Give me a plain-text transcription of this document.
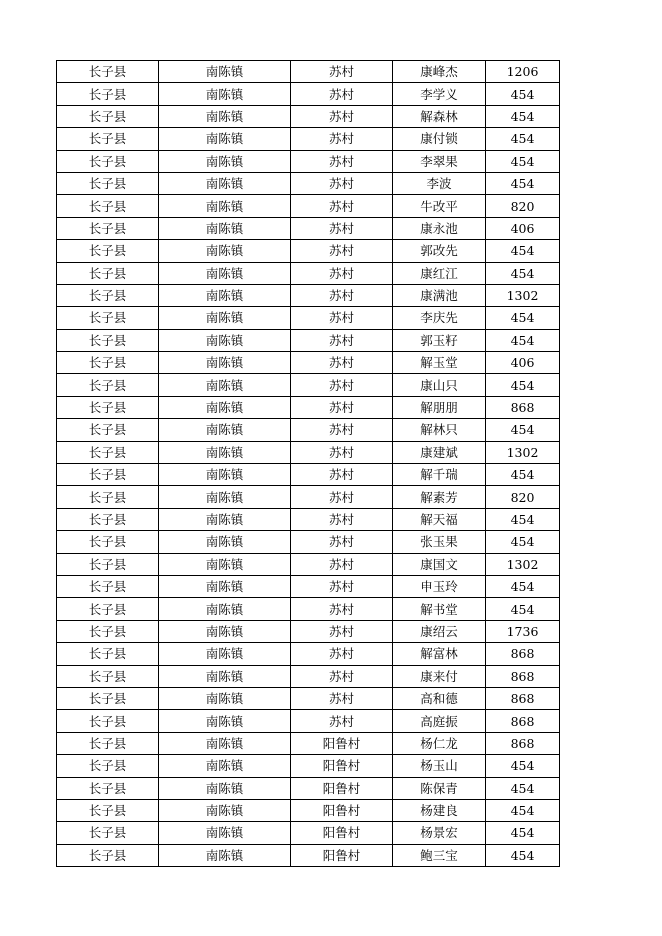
长子县	南陈镇	苏村	康峰杰	1206
长子县	南陈镇	苏村	李学义	454
长子县	南陈镇	苏村	解森林	454
长子县	南陈镇	苏村	康付锁	454
长子县	南陈镇	苏村	李翠果	454
长子县	南陈镇	苏村	李波	454
长子县	南陈镇	苏村	牛改平	820
长子县	南陈镇	苏村	康永池	406
长子县	南陈镇	苏村	郭改先	454
长子县	南陈镇	苏村	康红江	454
长子县	南陈镇	苏村	康满池	1302
长子县	南陈镇	苏村	李庆先	454
长子县	南陈镇	苏村	郭玉籽	454
长子县	南陈镇	苏村	解玉堂	406
长子县	南陈镇	苏村	康山只	454
长子县	南陈镇	苏村	解朋朋	868
长子县	南陈镇	苏村	解林只	454
长子县	南陈镇	苏村	康建斌	1302
长子县	南陈镇	苏村	解千瑞	454
长子县	南陈镇	苏村	解素芳	820
长子县	南陈镇	苏村	解天福	454
长子县	南陈镇	苏村	张玉果	454
长子县	南陈镇	苏村	康国文	1302
长子县	南陈镇	苏村	申玉玲	454
长子县	南陈镇	苏村	解书堂	454
长子县	南陈镇	苏村	康绍云	1736
长子县	南陈镇	苏村	解富林	868
长子县	南陈镇	苏村	康来付	868
长子县	南陈镇	苏村	高和德	868
长子县	南陈镇	苏村	高庭振	868
长子县	南陈镇	阳鲁村	杨仁龙	868
长子县	南陈镇	阳鲁村	杨玉山	454
长子县	南陈镇	阳鲁村	陈保青	454
长子县	南陈镇	阳鲁村	杨建良	454
长子县	南陈镇	阳鲁村	杨景宏	454
长子县	南陈镇	阳鲁村	鲍三宝	454
